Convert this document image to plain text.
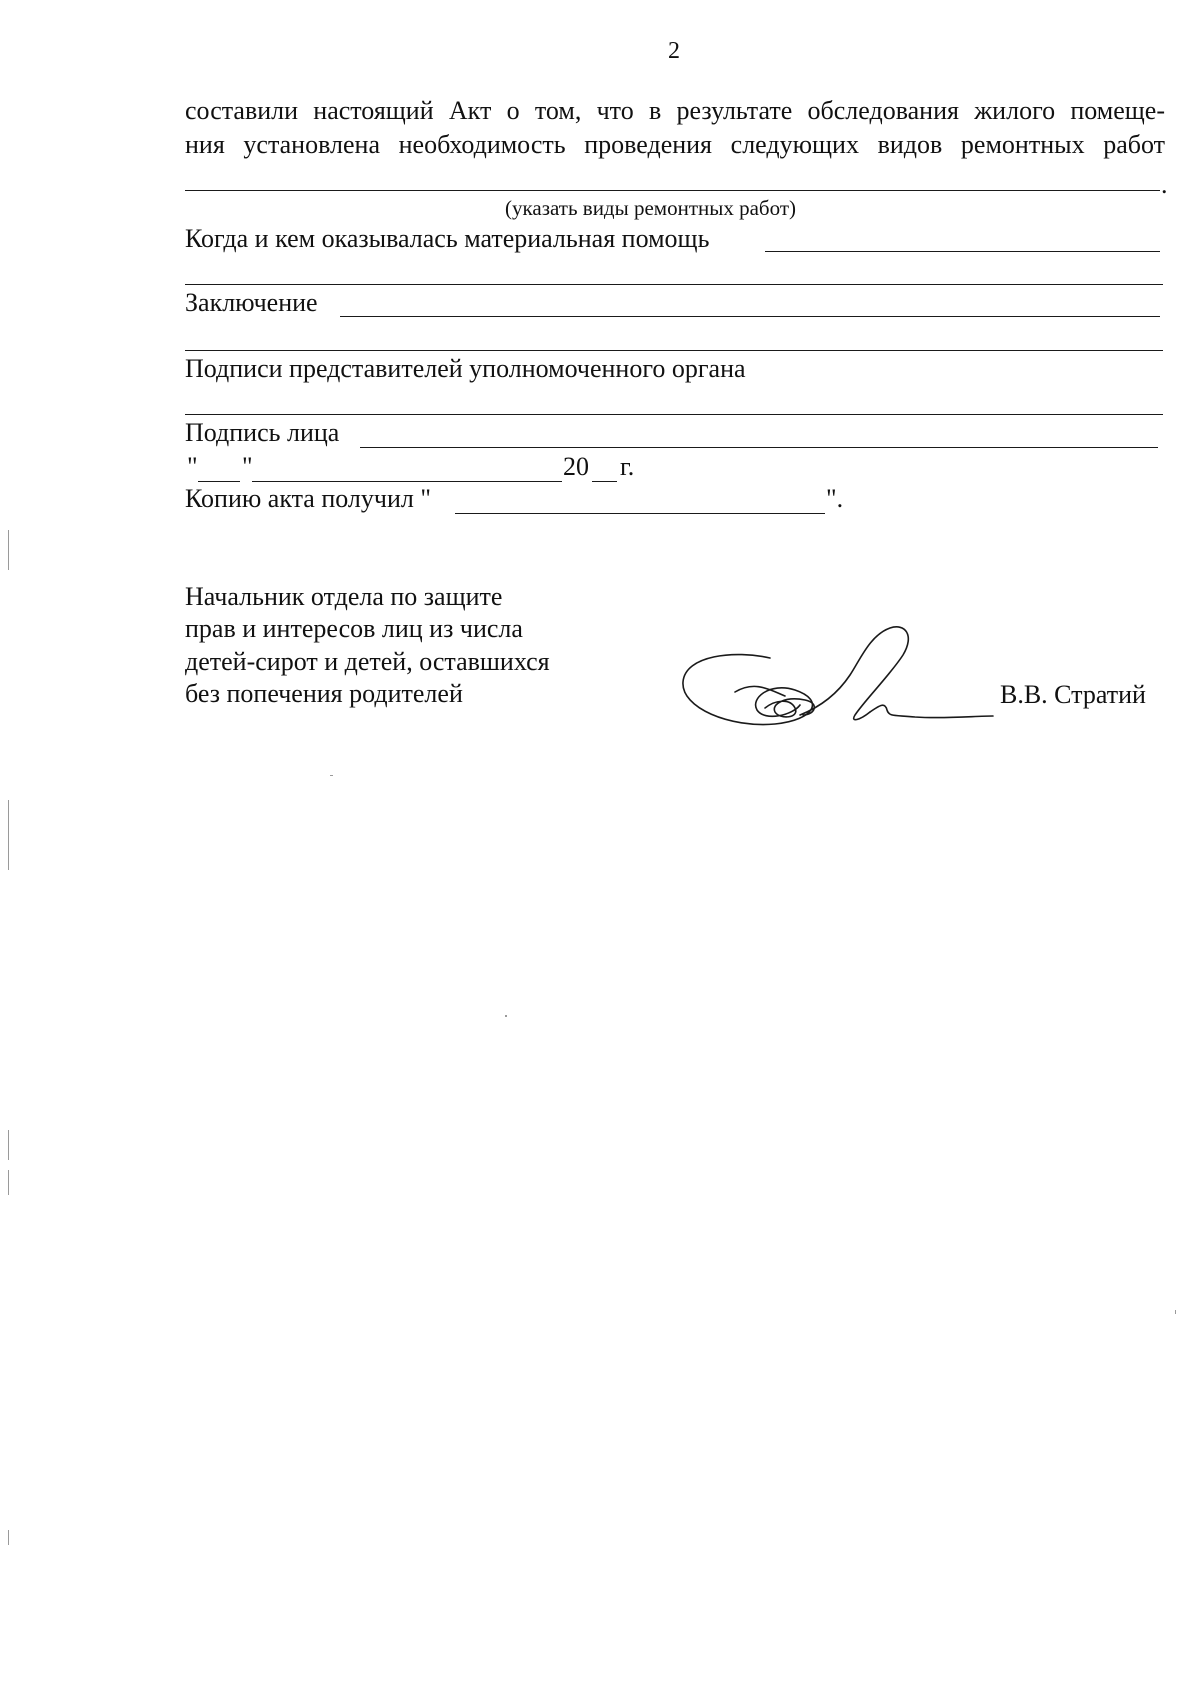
2
составили настоящий Акт о том, что в результате обследования жилого помеще-
ния установлена необходимость проведения следующих видов ремонтных работ
.
(указать виды ремонтных работ)
Когда и кем оказывалась материальная помощь
Заключение
Подписи представителей уполномоченного органа
Подпись лица
" "	20 г.
Копию акта получил "	".
Начальник отдела по защите
прав и интересов лиц из числа
детей-сирот и детей, оставшихся
без попечения родителей	В.В. Стратий
